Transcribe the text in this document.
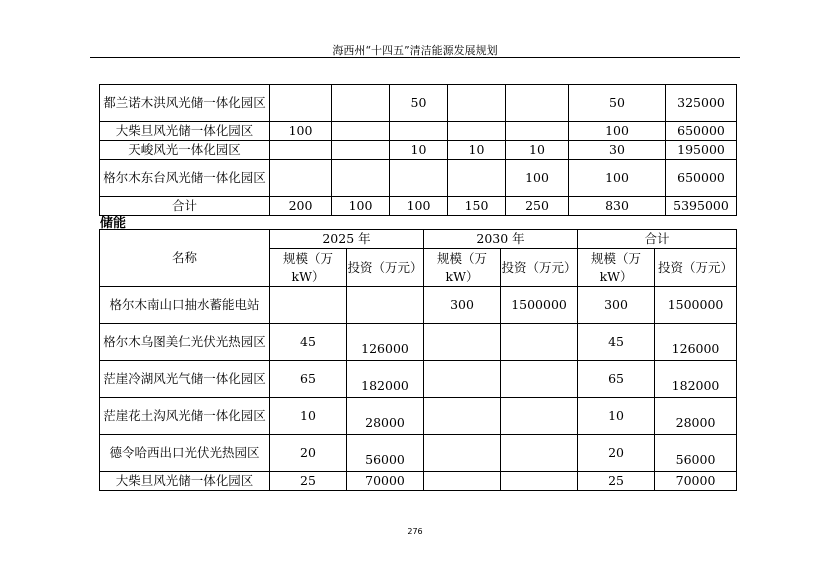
海西州“十四五”清洁能源发展规划
都兰诺木洪风光储一体化园区			50			50	325000
大柴旦风光储一体化园区	100					100	650000
天峻风光一体化园区			10	10	10	30	195000
格尔木东台风光储一体化园区					100	100	650000
合计	200	100	100	150	250	830	5395000
储能
名称	2025 年		2030 年		合计	
	规模（万kW）	投资（万元）	规模（万kW）	投资（万元）	规模（万kW）	投资（万元）
格尔木南山口抽水蓄能电站			300	1500000	300	1500000
格尔木乌图美仁光伏光热园区	45	126000			45	126000
茫崖冷湖风光气储一体化园区	65	182000			65	182000
茫崖花土沟风光储一体化园区	10	28000			10	28000
德令哈西出口光伏光热园区	20	56000			20	56000
大柴旦风光储一体化园区	25	70000			25	70000
276
